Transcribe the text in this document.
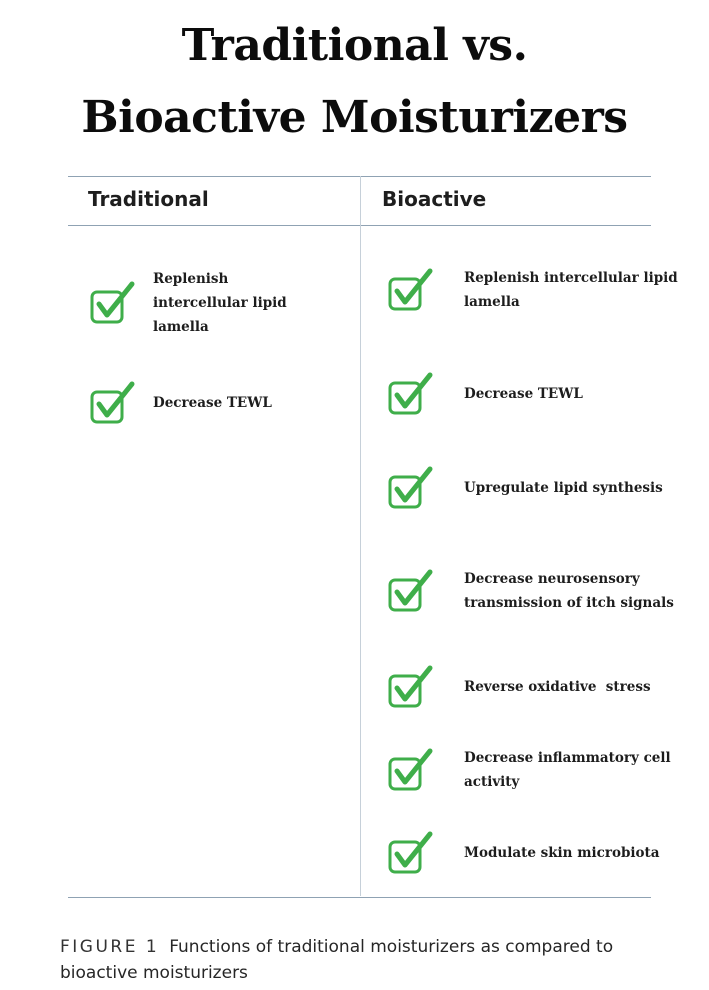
Traditional vs.
Bioactive Moisturizers
Traditional	Bioactive
Replenish intercellular lipid lamella
Decrease TEWL
Replenish intercellular lipid lamella
Decrease TEWL
Upregulate lipid synthesis
Decrease neurosensory transmission of itch signals
Reverse oxidative  stress
Decrease inflammatory cell activity
Modulate skin microbiota
FIGURE 1 Functions of traditional moisturizers as compared to bioactive moisturizers
